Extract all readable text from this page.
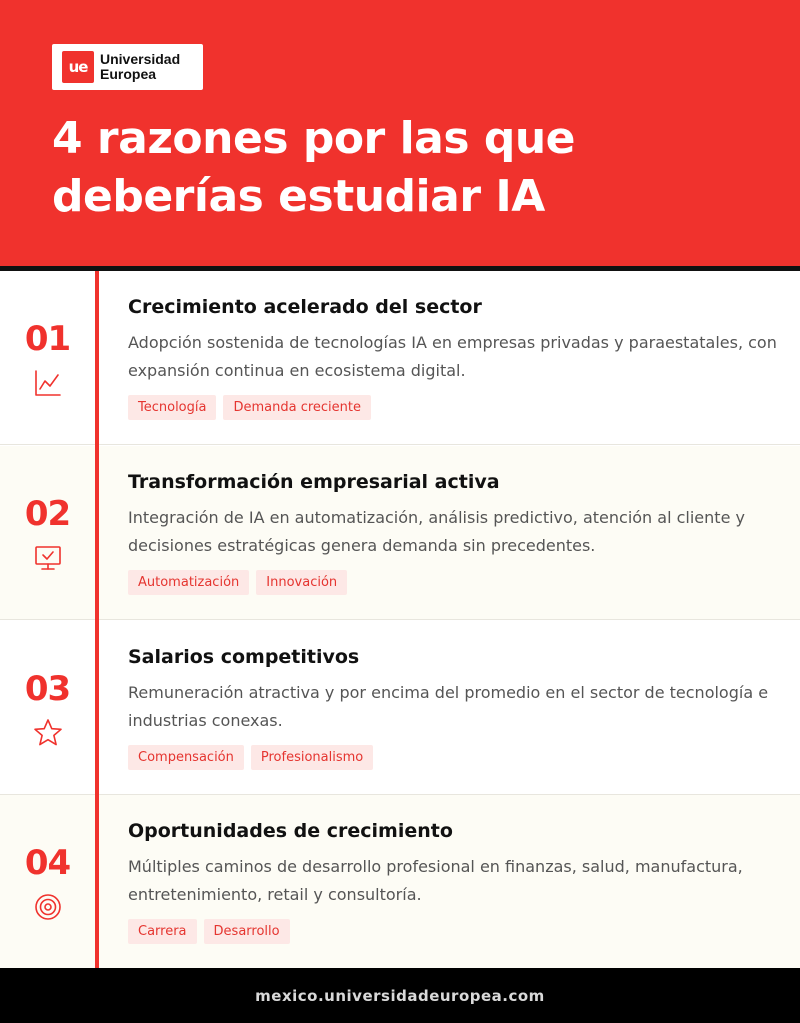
ue Universidad
Europea
4 razones por las que
deberías estudiar IA
01
Crecimiento acelerado del sector
Adopción sostenida de tecnologías IA en empresas privadas y paraestatales, con expansión continua en ecosistema digital.
Tecnología	Demanda creciente
02
Transformación empresarial activa
Integración de IA en automatización, análisis predictivo, atención al cliente y decisiones estratégicas genera demanda sin precedentes.
Automatización	Innovación
03
Salarios competitivos
Remuneración atractiva y por encima del promedio en el sector de tecnología e industrias conexas.
Compensación	Profesionalismo
04
Oportunidades de crecimiento
Múltiples caminos de desarrollo profesional en finanzas, salud, manufactura, entretenimiento, retail y consultoría.
Carrera	Desarrollo
mexico.universidadeuropea.com
